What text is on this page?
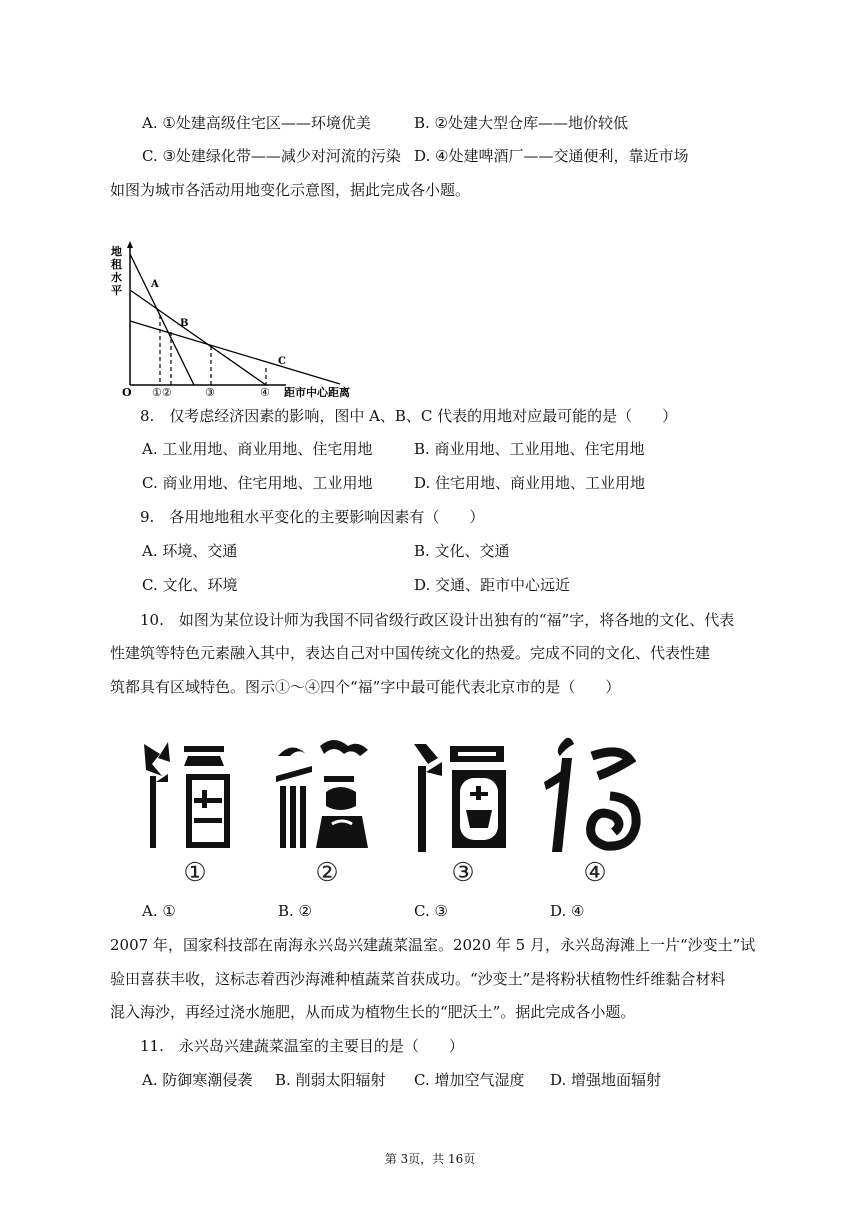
A. ①处建高级住宅区——环境优美	B. ②处建大型仓库——地价较低
C. ③处建绿化带——减少对河流的污染 D. ④处建啤酒厂——交通便利，靠近市场
如图为城市各活动用地变化示意图，据此完成各小题。
地
租
水
平	A
B
C
O ①②	③	④ 距市中心距离
8.　仅考虑经济因素的影响，图中 A、B、C 代表的用地对应最可能的是（　　）
A. 工业用地、商业用地、住宅用地	B. 商业用地、工业用地、住宅用地
C. 商业用地、住宅用地、工业用地	D. 住宅用地、商业用地、工业用地
9.　各用地地租水平变化的主要影响因素有（　　）
A. 环境、交通	B. 文化、交通
C. 文化、环境	D. 交通、距市中心远近
10.　如图为某位设计师为我国不同省级行政区设计出独有的“福”字，将各地的文化、代表
性建筑等特色元素融入其中，表达自己对中国传统文化的热爱。完成不同的文化、代表性建
筑都具有区域特色。图示①～④四个“福”字中最可能代表北京市的是（　　）
①	②	③	④
A. ①	B. ②	C. ③	D. ④
2007 年，国家科技部在南海永兴岛兴建蔬菜温室。2020 年 5 月，永兴岛海滩上一片“沙变土”试
验田喜获丰收，这标志着西沙海滩种植蔬菜首获成功。“沙变土”是将粉状植物性纤维黏合材料
混入海沙，再经过浇水施肥，从而成为植物生长的“肥沃土”。据此完成各小题。
11.　永兴岛兴建蔬菜温室的主要目的是（　　）
A. 防御寒潮侵袭 B. 削弱太阳辐射 C. 增加空气湿度 D. 增强地面辐射
第 3页，共 16页
